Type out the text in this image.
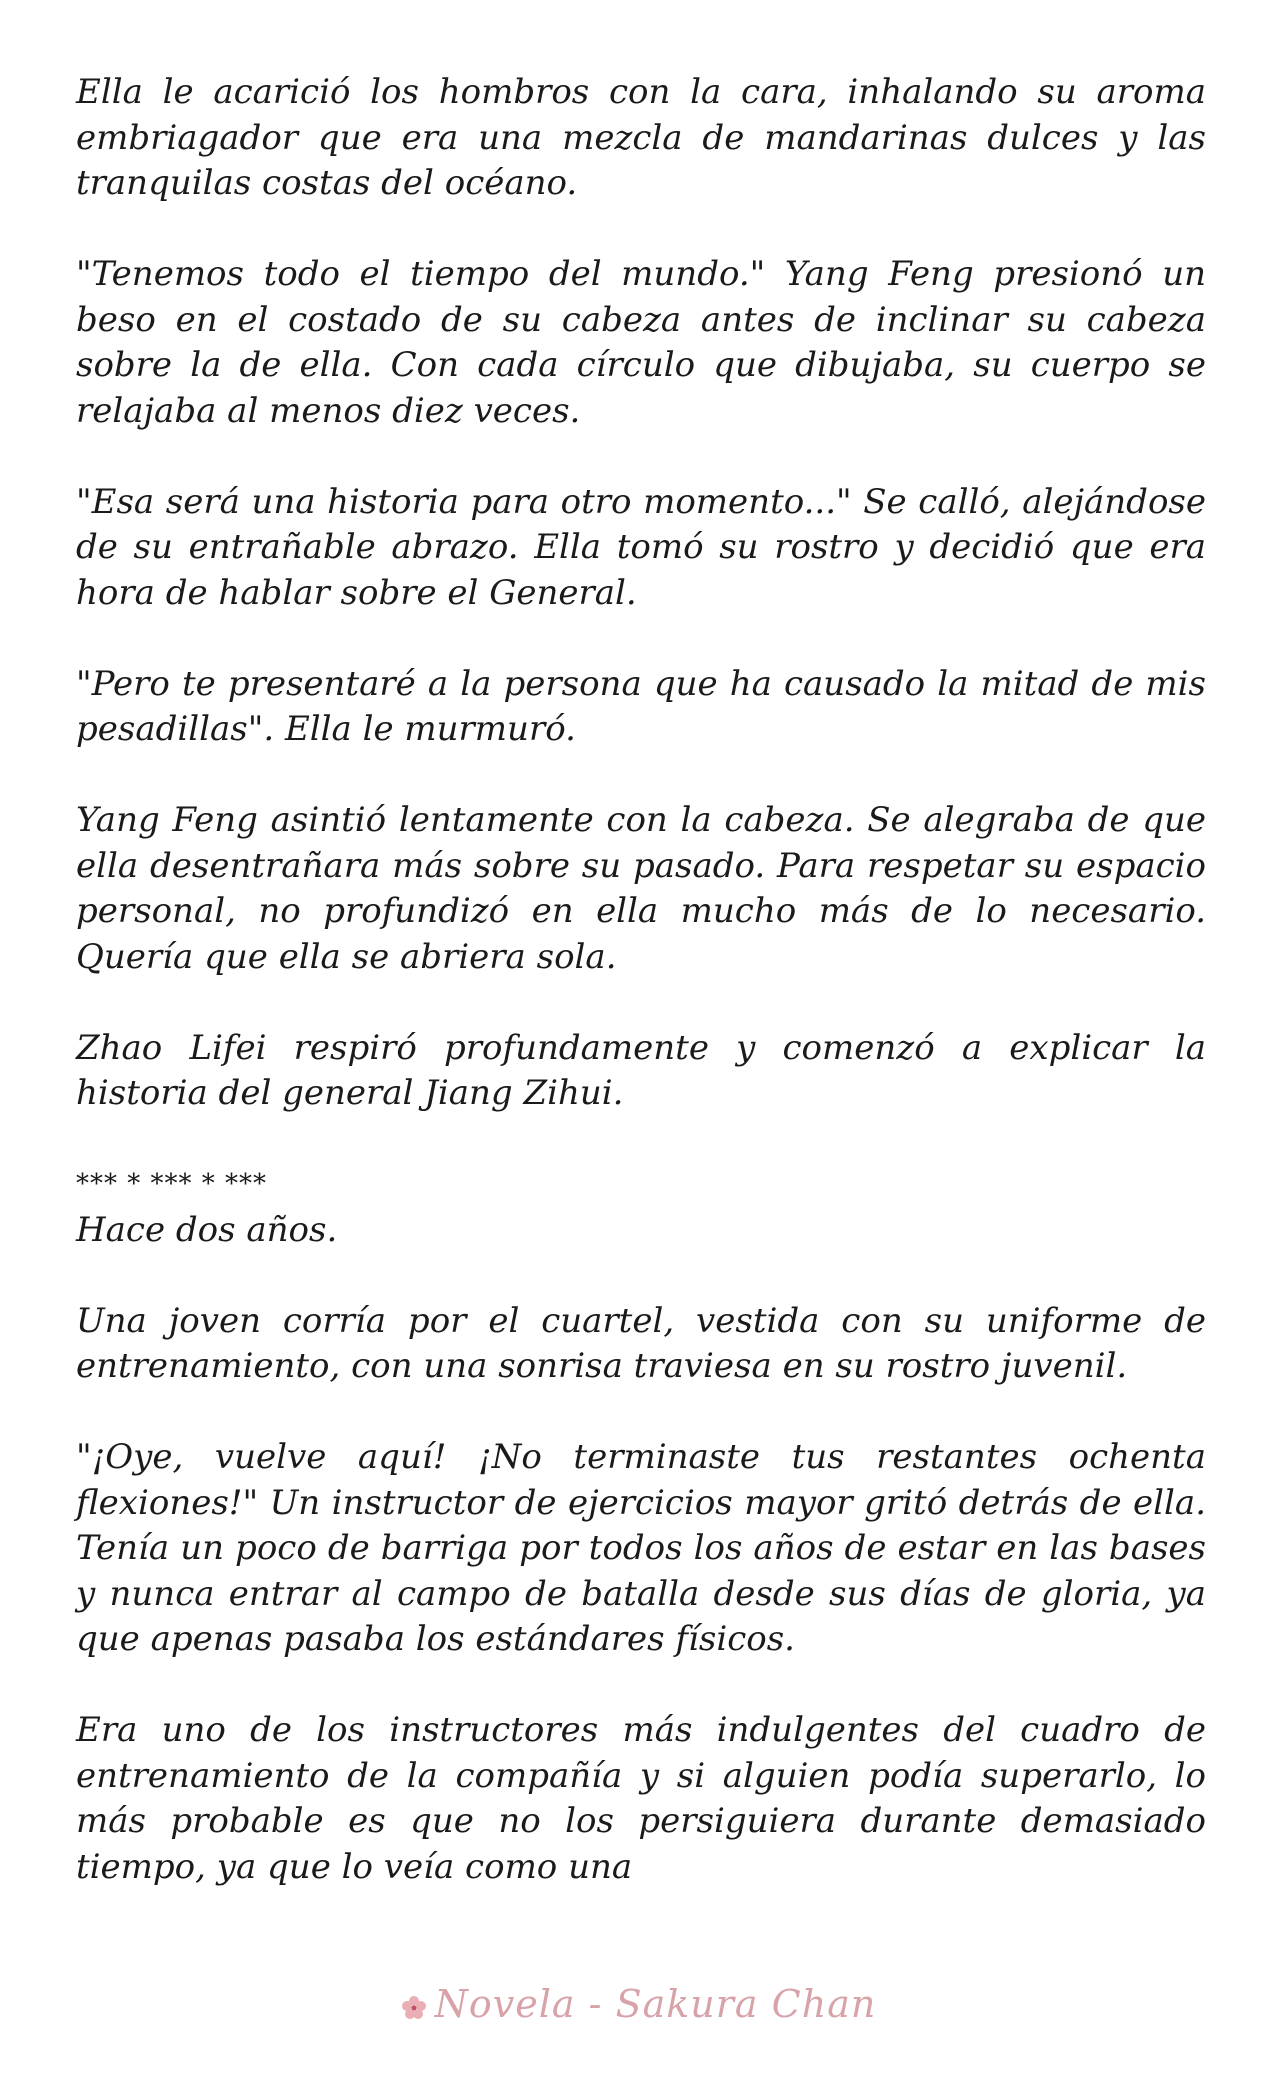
Ella le acarició los hombros con la cara, inhalando su aroma embriagador que era una mezcla de mandarinas dulces y las tranquilas costas del océano.

"Tenemos todo el tiempo del mundo." Yang Feng presionó un beso en el costado de su cabeza antes de inclinar su cabeza sobre la de ella. Con cada círculo que dibujaba, su cuerpo se relajaba al menos diez veces.

"Esa será una historia para otro momento..." Se calló, alejándose de su entrañable abrazo. Ella tomó su rostro y decidió que era hora de hablar sobre el General.

"Pero te presentaré a la persona que ha causado la mitad de mis pesadillas". Ella le murmuró.

Yang Feng asintió lentamente con la cabeza. Se alegraba de que ella desentrañara más sobre su pasado. Para respetar su espacio personal, no profundizó en ella mucho más de lo necesario. Quería que ella se abriera sola.

Zhao Lifei respiró profundamente y comenzó a explicar la historia del general Jiang Zihui.

*** * *** * ***

Hace dos años.

Una joven corría por el cuartel, vestida con su uniforme de entrenamiento, con una sonrisa traviesa en su rostro juvenil.

"¡Oye, vuelve aquí! ¡No terminaste tus restantes ochenta flexiones!" Un instructor de ejercicios mayor gritó detrás de ella. Tenía un poco de barriga por todos los años de estar en las bases y nunca entrar al campo de batalla desde sus días de gloria, ya que apenas pasaba los estándares físicos.

Era uno de los instructores más indulgentes del cuadro de entrenamiento de la compañía y si alguien podía superarlo, lo más probable es que no los persiguiera durante demasiado tiempo, ya que lo veía como una

Novela - Sakura Chan
